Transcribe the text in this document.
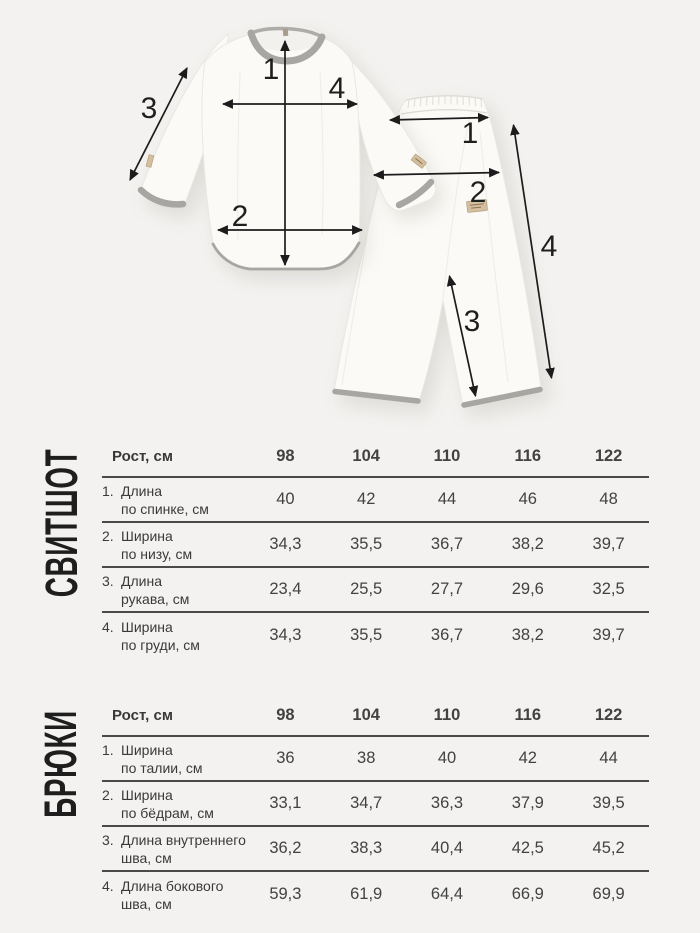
1
4
2
3
1
2
3
4
СВИТШОТ
БРЮКИ
Рост, см	98	104	110	116	122
1. Длина
по спинке, см
40	42	44	46	48
2. Ширина
по низу, см
34,3	35,5	36,7	38,2	39,7
3. Длина
рукава, см
23,4	25,5	27,7	29,6	32,5
4. Ширина
по груди, см
34,3	35,5	36,7	38,2	39,7
Рост, см	98	104	110	116	122
1. Ширина
по талии, см
36	38	40	42	44
2. Ширина
по бёдрам, см
33,1	34,7	36,3	37,9	39,5
3. Длина внутреннего
шва, см
36,2	38,3	40,4	42,5	45,2
4. Длина бокового
шва, см
59,3	61,9	64,4	66,9	69,9
